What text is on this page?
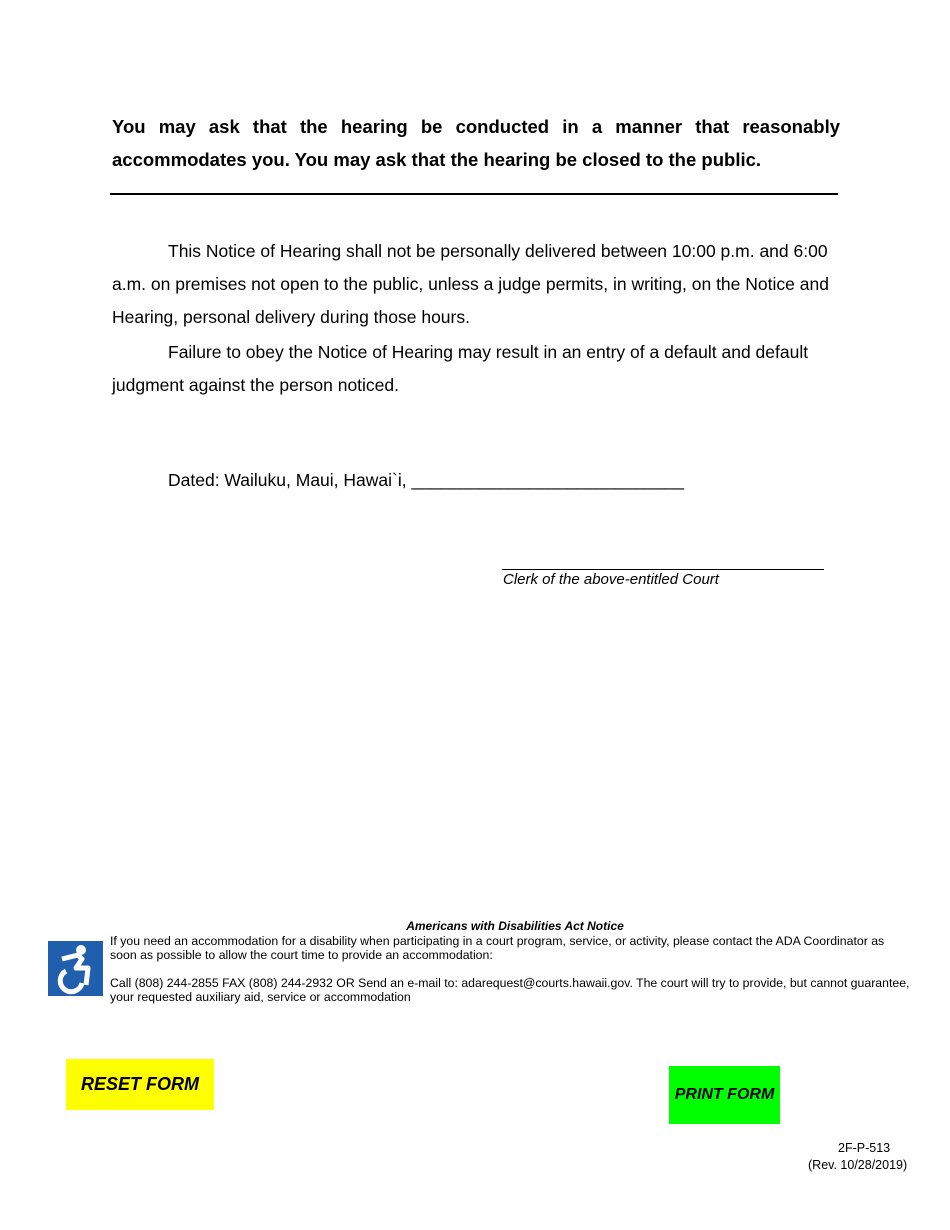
You may ask that the hearing be conducted in a manner that reasonably accommodates you. You may ask that the hearing be closed to the public.
This Notice of Hearing shall not be personally delivered between 10:00 p.m. and 6:00 a.m. on premises not open to the public, unless a judge permits, in writing, on the Notice and Hearing, personal delivery during those hours.
Failure to obey the Notice of Hearing may result in an entry of a default and default judgment against the person noticed.
Dated: Wailuku, Maui, Hawai`i, ____________________________
Clerk of the above-entitled Court
Americans with Disabilities Act Notice
If you need an accommodation for a disability when participating in a court program, service, or activity, please contact the ADA Coordinator as soon as possible to allow the court time to provide an accommodation:
Call (808) 244-2855 FAX (808) 244-2932 OR Send an e-mail to: adarequest@courts.hawaii.gov. The court will try to provide, but cannot guarantee, your requested auxiliary aid, service or accommodation
RESET FORM
PRINT FORM
2F-P-513
(Rev. 10/28/2019)
